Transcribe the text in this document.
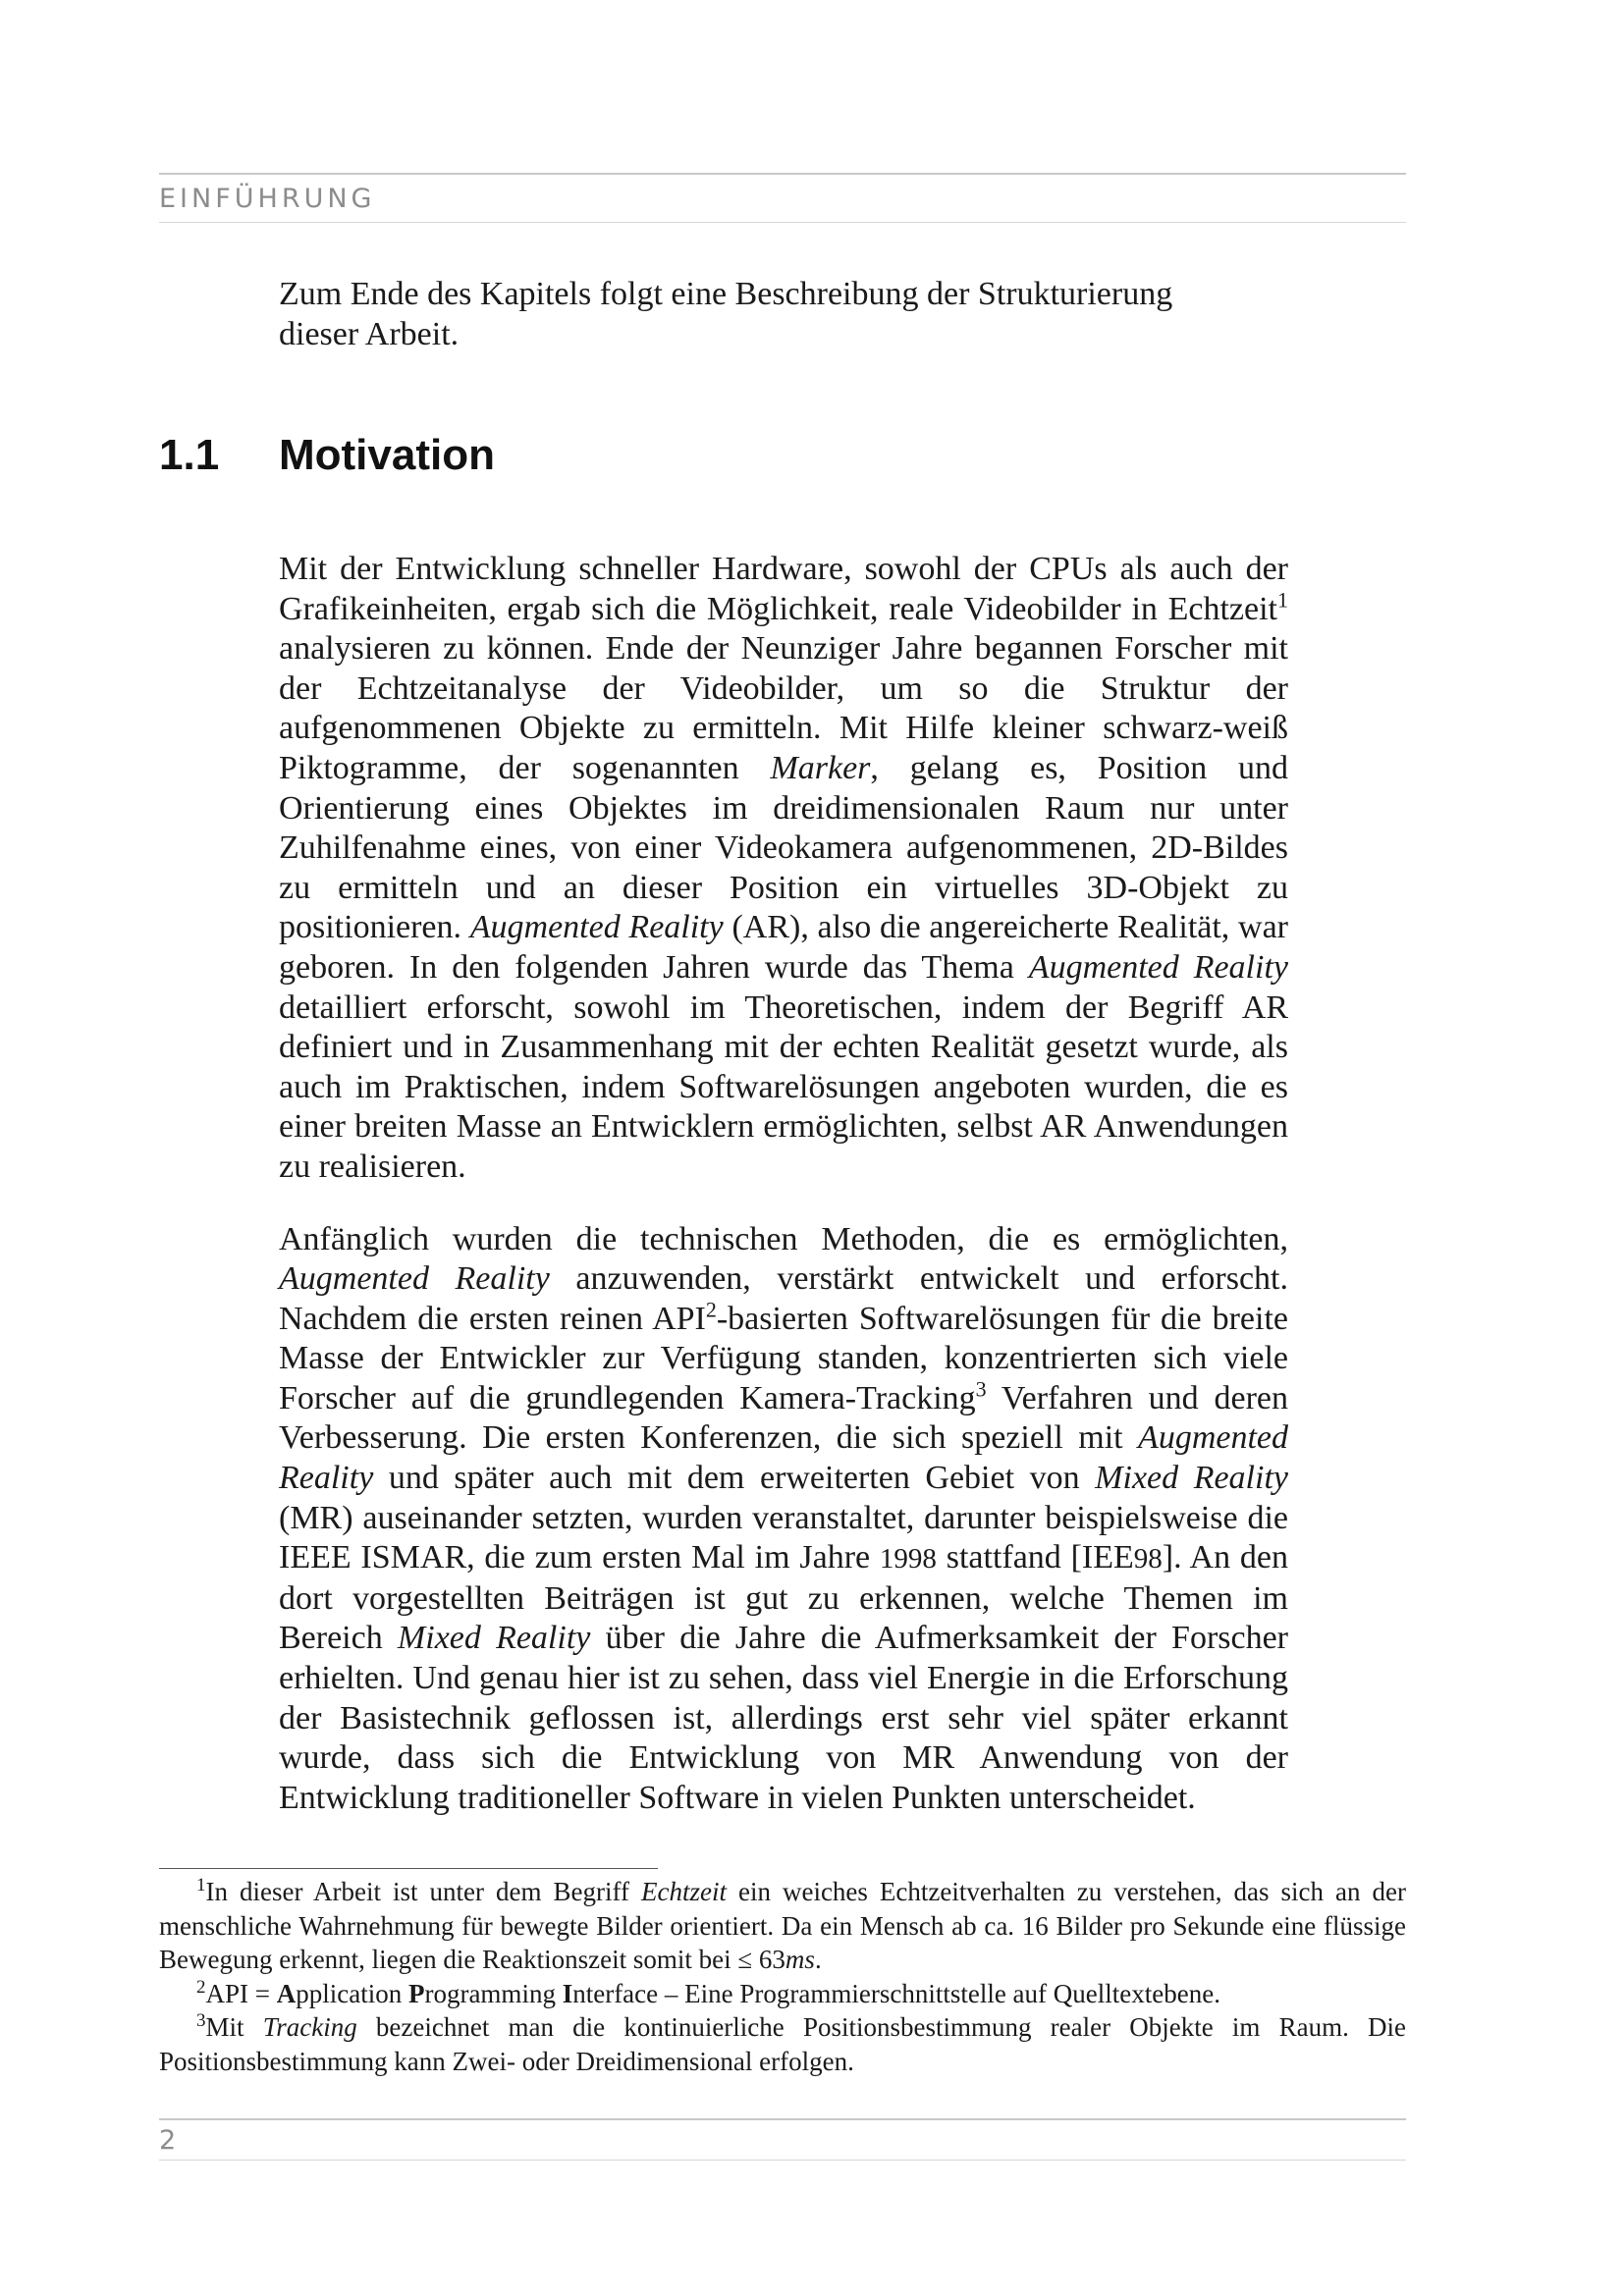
EINFÜHRUNG

Zum Ende des Kapitels folgt eine Beschreibung der Strukturierung
dieser Arbeit.

1.1 Motivation

Mit der Entwicklung schneller Hardware, sowohl der CPUs als auch der Grafikeinheiten, ergab sich die Möglichkeit, reale Videobilder in Echtzeit$^1$ analysieren zu können. Ende der Neunziger Jahre begannen Forscher mit der Echtzeitanalyse der Videobilder, um so die Struktur der aufgenommenen Objekte zu ermitteln. Mit Hilfe kleiner schwarz-weiß Piktogramme, der sogenannten Marker, gelang es, Position und Orientierung eines Objektes im dreidimensionalen Raum nur unter Zuhilfenahme eines, von einer Videokamera aufgenommenen, 2D-Bildes zu ermitteln und an dieser Position ein virtuelles 3D-Objekt zu positionieren. Augmented Reality (AR), also die angereicherte Realität, war geboren. In den folgenden Jahren wurde das Thema Augmented Reality detailliert erforscht, sowohl im Theoretischen, indem der Begriff AR definiert und in Zusammenhang mit der echten Realität gesetzt wurde, als auch im Praktischen, indem Softwarelösungen angeboten wurden, die es einer breiten Masse an Entwicklern ermöglichten, selbst AR Anwendungen zu realisieren.

Anfänglich wurden die technischen Methoden, die es ermöglichten, Augmented Reality anzuwenden, verstärkt entwickelt und erforscht. Nachdem die ersten reinen API$^2$-basierten Softwarelösungen für die breite Masse der Entwickler zur Verfügung standen, konzentrierten sich viele Forscher auf die grundlegenden Kamera-Tracking$^3$ Verfahren und deren Verbesserung. Die ersten Konferenzen, die sich speziell mit Augmented Reality und später auch mit dem erweiterten Gebiet von Mixed Reality (MR) auseinander setzten, wurden veranstaltet, darunter beispielsweise die IEEE ISMAR, die zum ersten Mal im Jahre 1998 stattfand [IEE98]. An den dort vorgestellten Beiträgen ist gut zu erkennen, welche Themen im Bereich Mixed Reality über die Jahre die Aufmerksamkeit der Forscher erhielten. Und genau hier ist zu sehen, dass viel Energie in die Erforschung der Basistechnik geflossen ist, allerdings erst sehr viel später erkannt wurde, dass sich die Entwicklung von MR Anwendung von der Entwicklung traditioneller Software in vielen Punkten unterscheidet.

$^1$In dieser Arbeit ist unter dem Begriff Echtzeit ein weiches Echtzeitverhalten zu verstehen, das sich an der menschliche Wahrnehmung für bewegte Bilder orientiert. Da ein Mensch ab ca. 16 Bilder pro Sekunde eine flüssige Bewegung erkennt, liegen die Reaktionszeit somit bei ≤ 63ms.

$^2$API = Application Programming Interface – Eine Programmierschnittstelle auf Quelltextebene.

$^3$Mit Tracking bezeichnet man die kontinuierliche Positionsbestimmung realer Objekte im Raum. Die Positionsbestimmung kann Zwei- oder Dreidimensional erfolgen.

2
